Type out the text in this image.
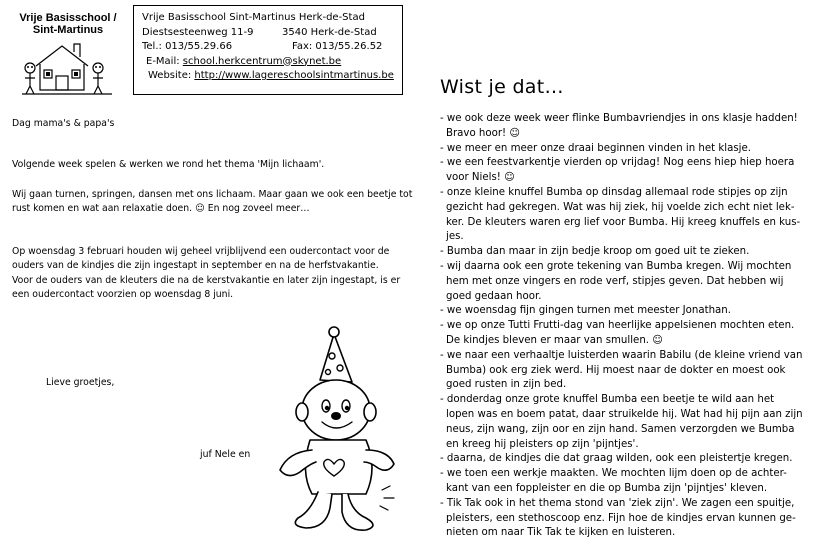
Vrije Basisschool /
Sint-Martinus
Vrije Basisschool Sint-Martinus Herk-de-Stad
Diestsesteenweg 11-9	3540 Herk-de-Stad
Tel.: 013/55.29.66	Fax: 013/55.26.52
E-Mail: school.herkcentrum@skynet.be
Website: http://www.lagereschoolsintmartinus.be
Dag mama's & papa's
Volgende week spelen & werken we rond het thema 'Mijn lichaam'.
Wij gaan turnen, springen, dansen met ons lichaam. Maar gaan we ook een beetje tot
rust komen en wat aan relaxatie doen. ☺ En nog zoveel meer…
Op woensdag 3 februari houden wij geheel vrijblijvend een oudercontact voor de
ouders van de kindjes die zijn ingestapt in september en na de herfstvakantie.
Voor de ouders van de kleuters die na de kerstvakantie en later zijn ingestapt, is er
een oudercontact voorzien op woensdag 8 juni.
Lieve groetjes,
juf Nele en
Wist je dat…
- we ook deze week weer flinke Bumbavriendjes in ons klasje hadden!
Bravo hoor! ☺
- we meer en meer onze draai beginnen vinden in het klasje.
- we een feestvarkentje vierden op vrijdag! Nog eens hiep hiep hoera
voor Niels! ☺
- onze kleine knuffel Bumba op dinsdag allemaal rode stipjes op zijn
gezicht had gekregen. Wat was hij ziek, hij voelde zich echt niet lek-
ker. De kleuters waren erg lief voor Bumba. Hij kreeg knuffels en kus-
jes.
- Bumba dan maar in zijn bedje kroop om goed uit te zieken.
- wij daarna ook een grote tekening van Bumba kregen. Wij mochten
hem met onze vingers en rode verf, stipjes geven. Dat hebben wij
goed gedaan hoor.
- we woensdag fijn gingen turnen met meester Jonathan.
- we op onze Tutti Frutti-dag van heerlijke appelsienen mochten eten.
De kindjes bleven er maar van smullen. ☺
- we naar een verhaaltje luisterden waarin Babilu (de kleine vriend van
Bumba) ook erg ziek werd. Hij moest naar de dokter en moest ook
goed rusten in zijn bed.
- donderdag onze grote knuffel Bumba een beetje te wild aan het
lopen was en boem patat, daar struikelde hij. Wat had hij pijn aan zijn
neus, zijn wang, zijn oor en zijn hand. Samen verzorgden we Bumba
en kreeg hij pleisters op zijn 'pijntjes'.
- daarna, de kindjes die dat graag wilden, ook een pleistertje kregen.
- we toen een werkje maakten. We mochten lijm doen op de achter-
kant van een foppleister en die op Bumba zijn 'pijntjes' kleven.
- Tik Tak ook in het thema stond van 'ziek zijn'. We zagen een spuitje,
pleisters, een stethoscoop enz. Fijn hoe de kindjes ervan kunnen ge-
nieten om naar Tik Tak te kijken en luisteren.
